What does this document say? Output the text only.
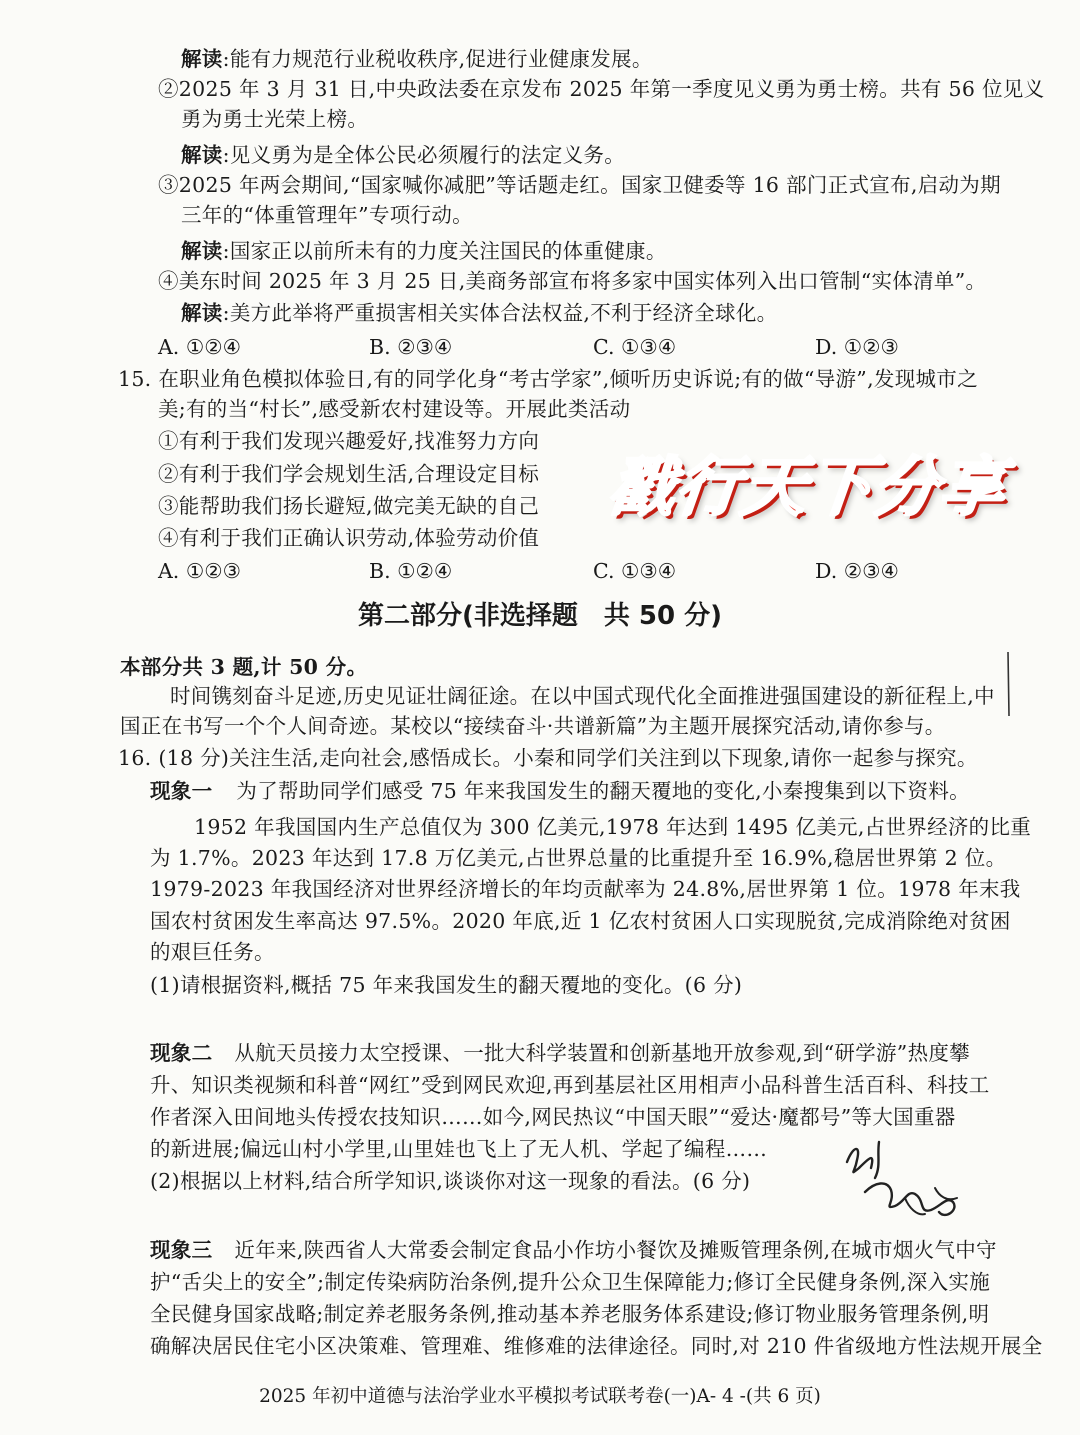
解读:能有力规范行业税收秩序,促进行业健康发展。
②2025 年 3 月 31 日,中央政法委在京发布 2025 年第一季度见义勇为勇士榜。共有 56 位见义
勇为勇士光荣上榜。
解读:见义勇为是全体公民必须履行的法定义务。
③2025 年两会期间,“国家喊你减肥”等话题走红。国家卫健委等 16 部门正式宣布,启动为期
三年的“体重管理年”专项行动。
解读:国家正以前所未有的力度关注国民的体重健康。
④美东时间 2025 年 3 月 25 日,美商务部宣布将多家中国实体列入出口管制“实体清单”。
解读:美方此举将严重损害相关实体合法权益,不利于经济全球化。
A. ①②④	B. ②③④	C. ①③④	D. ①②③
15. 在职业角色模拟体验日,有的同学化身“考古学家”,倾听历史诉说;有的做“导游”,发现城市之
美;有的当“村长”,感受新农村建设等。开展此类活动
①有利于我们发现兴趣爱好,找准努力方向
②有利于我们学会规划生活,合理设定目标
③能帮助我们扬长避短,做完美无缺的自己
④有利于我们正确认识劳动,体验劳动价值
A. ①②③	B. ①②④	C. ①③④	D. ②③④
戳行天下分享
第二部分(非选择题　共 50 分)
本部分共 3 题,计 50 分。
时间镌刻奋斗足迹,历史见证壮阔征途。在以中国式现代化全面推进强国建设的新征程上,中
国正在书写一个个人间奇迹。某校以“接续奋斗·共谱新篇”为主题开展探究活动,请你参与。
16. (18 分)关注生活,走向社会,感悟成长。小秦和同学们关注到以下现象,请你一起参与探究。
现象一 为了帮助同学们感受 75 年来我国发生的翻天覆地的变化,小秦搜集到以下资料。
1952 年我国国内生产总值仅为 300 亿美元,1978 年达到 1495 亿美元,占世界经济的比重
为 1.7%。2023 年达到 17.8 万亿美元,占世界总量的比重提升至 16.9%,稳居世界第 2 位。
1979-2023 年我国经济对世界经济增长的年均贡献率为 24.8%,居世界第 1 位。1978 年末我
国农村贫困发生率高达 97.5%。2020 年底,近 1 亿农村贫困人口实现脱贫,完成消除绝对贫困
的艰巨任务。
(1)请根据资料,概括 75 年来我国发生的翻天覆地的变化。(6 分)
现象二 从航天员接力太空授课、一批大科学装置和创新基地开放参观,到“研学游”热度攀
升、知识类视频和科普“网红”受到网民欢迎,再到基层社区用相声小品科普生活百科、科技工
作者深入田间地头传授农技知识……如今,网民热议“中国天眼”“爱达·魔都号”等大国重器
的新进展;偏远山村小学里,山里娃也飞上了无人机、学起了编程……
(2)根据以上材料,结合所学知识,谈谈你对这一现象的看法。(6 分)
现象三 近年来,陕西省人大常委会制定食品小作坊小餐饮及摊贩管理条例,在城市烟火气中守
护“舌尖上的安全”;制定传染病防治条例,提升公众卫生保障能力;修订全民健身条例,深入实施
全民健身国家战略;制定养老服务条例,推动基本养老服务体系建设;修订物业服务管理条例,明
确解决居民住宅小区决策难、管理难、维修难的法律途径。同时,对 210 件省级地方性法规开展全
2025 年初中道德与法治学业水平模拟考试联考卷(一)A- 4 -(共 6 页)
